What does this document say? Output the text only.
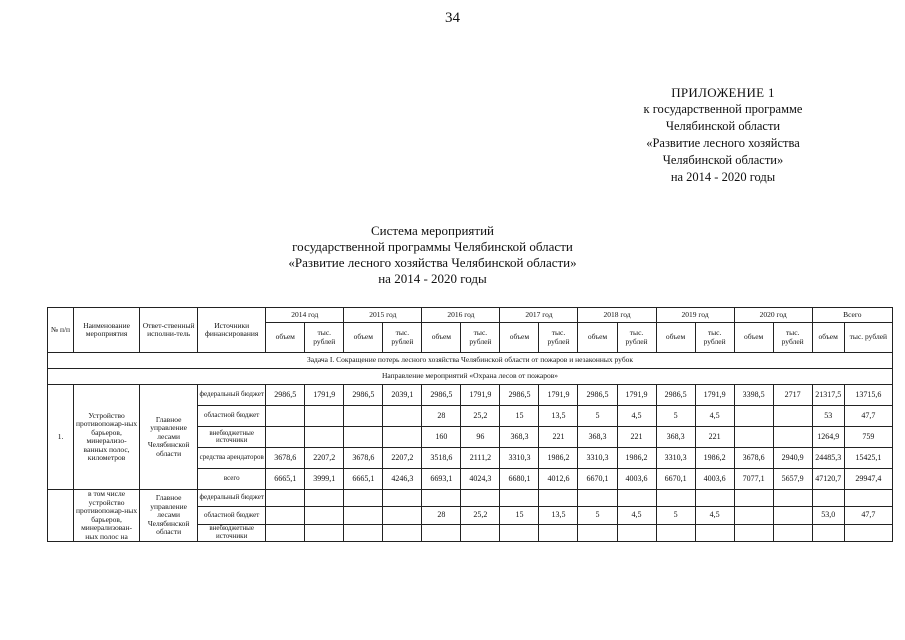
34
ПРИЛОЖЕНИЕ 1
к государственной программе
Челябинской области
«Развитие лесного хозяйства
Челябинской области»
на 2014 - 2020 годы
Система мероприятий
государственной программы Челябинской области
«Развитие лесного хозяйства Челябинской области»
на 2014 - 2020 годы
№ п/п	Наименование мероприятия	Ответ-ственный исполни-тель	Источники финансирования	2014 год		2015 год		2016 год		2017 год		2018 год		2019 год		2020 год		Всего	
				объем	тыс. рублей	объем	тыс. рублей	объем	тыс. рублей	объем	тыс. рублей	объем	тыс. рублей	объем	тыс. рублей	объем	тыс. рублей	объем	тыс. рублей
Задача I. Сокращение потерь лесного хозяйства Челябинской области от пожаров и незаконных рубок																			
Направление мероприятий «Охрана лесов от пожаров»																			
1.	Устройство противопожар-ных барьеров, минерализо-ванных полос, километров	Главное управление лесами Челябинской области	федеральный бюджет	2986,5	1791,9	2986,5	2039,1	2986,5	1791,9	2986,5	1791,9	2986,5	1791,9	2986,5	1791,9	3398,5	2717	21317,5	13715,6
			областной бюджет					28	25,2	15	13,5	5	4,5	5	4,5			53	47,7
			внебюджетные источники					160	96	368,3	221	368,3	221	368,3	221			1264,9	759
			средства арендаторов	3678,6	2207,2	3678,6	2207,2	3518,6	2111,2	3310,3	1986,2	3310,3	1986,2	3310,3	1986,2	3678,6	2940,9	24485,3	15425,1
			всего	6665,1	3999,1	6665,1	4246,3	6693,1	4024,3	6680,1	4012,6	6670,1	4003,6	6670,1	4003,6	7077,1	5657,9	47120,7	29947,4
	в том числе устройство противопожар-ных барьеров, минерализован-ных полос на	Главное управление лесами Челябинской области	федеральный бюджет																
			областной бюджет					28	25,2	15	13,5	5	4,5	5	4,5			53,0	47,7
			внебюджетные источники																
